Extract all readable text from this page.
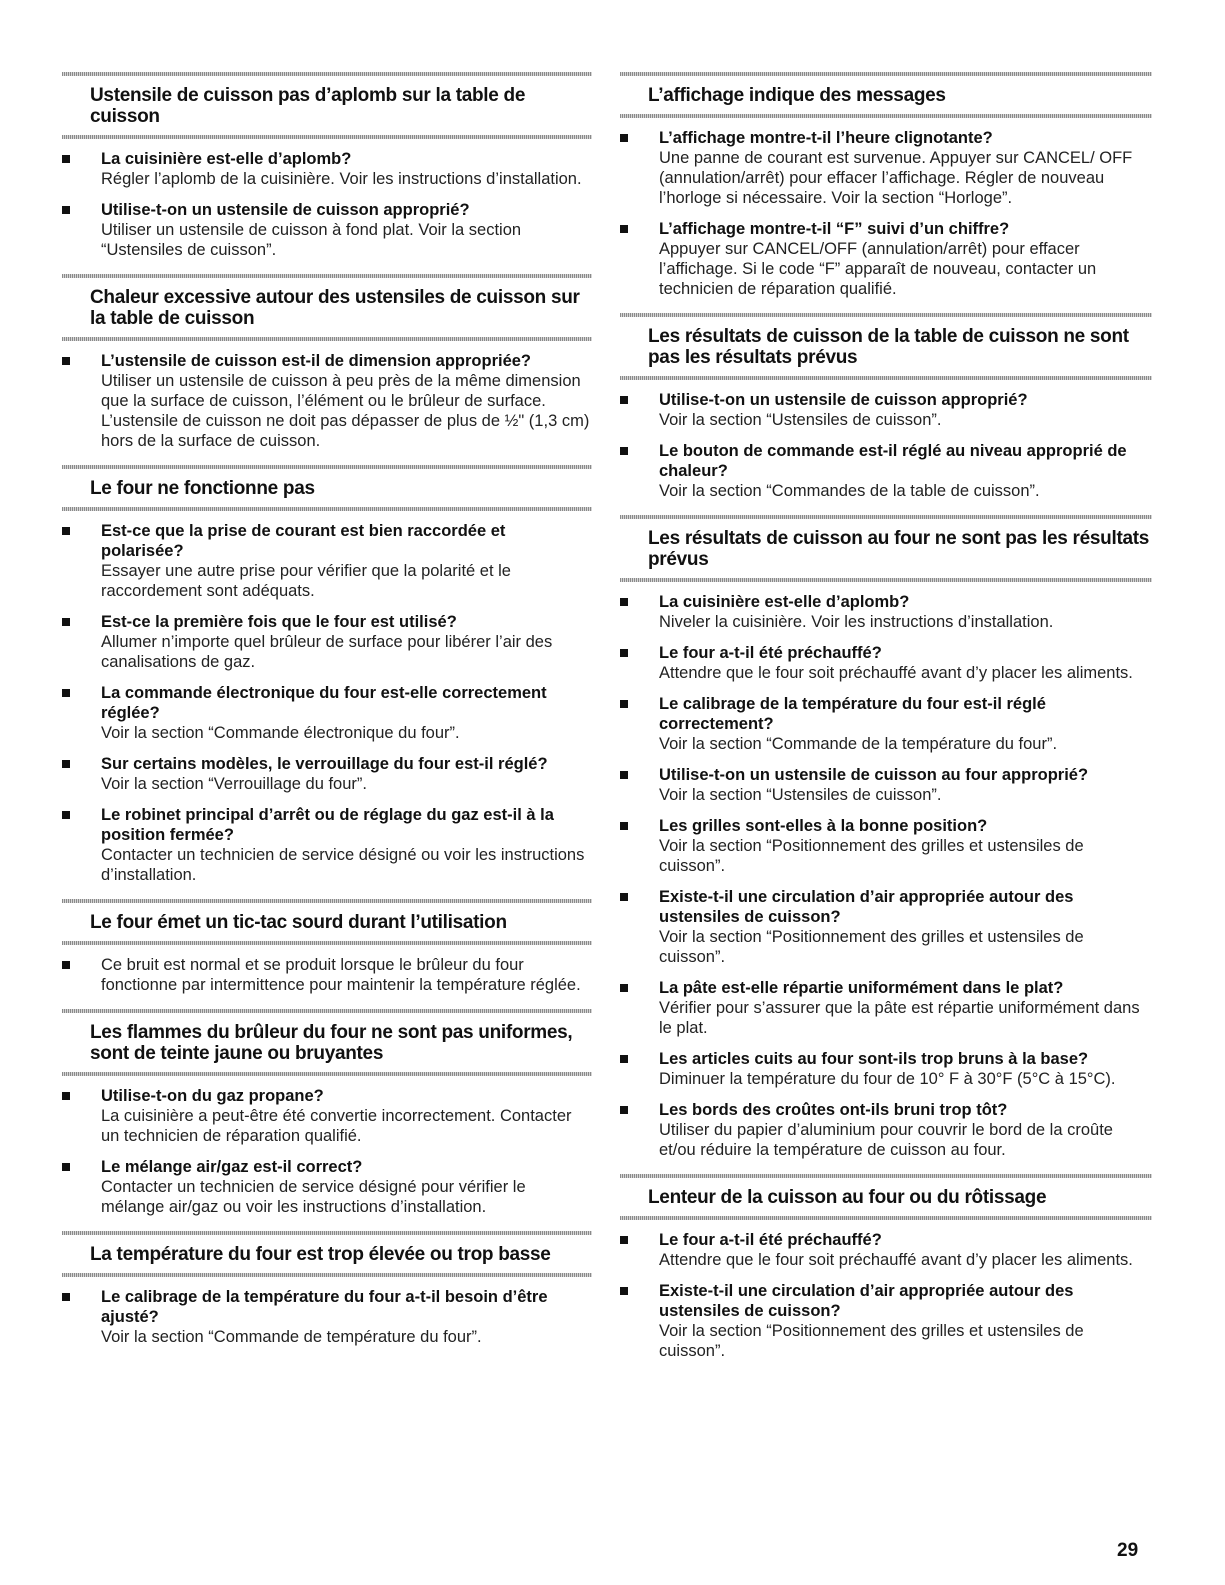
Ustensile de cuisson pas d’aplomb sur la table de cuisson
La cuisinière est-elle d’aplomb?
Régler l’aplomb de la cuisinière. Voir les instructions d’installation.
Utilise-t-on un ustensile de cuisson approprié?
Utiliser un ustensile de cuisson à fond plat. Voir la section “Ustensiles de cuisson”.
Chaleur excessive autour des ustensiles de cuisson sur la table de cuisson
L’ustensile de cuisson est-il de dimension appropriée?
Utiliser un ustensile de cuisson à peu près de la même dimension que la surface de cuisson, l’élément ou le brûleur de surface. L’ustensile de cuisson ne doit pas dépasser de plus de ½" (1,3 cm) hors de la surface de cuisson.
Le four ne fonctionne pas
Est-ce que la prise de courant est bien raccordée et polarisée?
Essayer une autre prise pour vérifier que la polarité et le raccordement sont adéquats.
Est-ce la première fois que le four est utilisé?
Allumer n’importe quel brûleur de surface pour libérer l’air des canalisations de gaz.
La commande électronique du four est-elle correctement réglée?
Voir la section “Commande électronique du four”.
Sur certains modèles, le verrouillage du four est-il réglé?
Voir la section “Verrouillage du four”.
Le robinet principal d’arrêt ou de réglage du gaz est-il à la position fermée?
Contacter un technicien de service désigné ou voir les instructions d’installation.
Le four émet un tic-tac sourd durant l’utilisation
Ce bruit est normal et se produit lorsque le brûleur du four fonctionne par intermittence pour maintenir la température réglée.
Les flammes du brûleur du four ne sont pas uniformes, sont de teinte jaune ou bruyantes
Utilise-t-on du gaz propane?
La cuisinière a peut-être été convertie incorrectement. Contacter un technicien de réparation qualifié.
Le mélange air/gaz est-il correct?
Contacter un technicien de service désigné pour vérifier le mélange air/gaz ou voir les instructions d’installation.
La température du four est trop élevée ou trop basse
Le calibrage de la température du four a-t-il besoin d’être ajusté?
Voir la section “Commande de température du four”.
L’affichage indique des messages
L’affichage montre-t-il l’heure clignotante?
Une panne de courant est survenue. Appuyer sur CANCEL/ OFF (annulation/arrêt) pour effacer l’affichage. Régler de nouveau l’horloge si nécessaire. Voir la section “Horloge”.
L’affichage montre-t-il “F” suivi d’un chiffre?
Appuyer sur CANCEL/OFF (annulation/arrêt) pour effacer l’affichage. Si le code “F” apparaît de nouveau, contacter un technicien de réparation qualifié.
Les résultats de cuisson de la table de cuisson ne sont pas les résultats prévus
Utilise-t-on un ustensile de cuisson approprié?
Voir la section “Ustensiles de cuisson”.
Le bouton de commande est-il réglé au niveau approprié de chaleur?
Voir la section “Commandes de la table de cuisson”.
Les résultats de cuisson au four ne sont pas les résultats prévus
La cuisinière est-elle d’aplomb?
Niveler la cuisinière. Voir les instructions d’installation.
Le four a-t-il été préchauffé?
Attendre que le four soit préchauffé avant d’y placer les aliments.
Le calibrage de la température du four est-il réglé correctement?
Voir la section “Commande de la température du four”.
Utilise-t-on un ustensile de cuisson au four approprié?
Voir la section “Ustensiles de cuisson”.
Les grilles sont-elles à la bonne position?
Voir la section “Positionnement des grilles et ustensiles de cuisson”.
Existe-t-il une circulation d’air appropriée autour des ustensiles de cuisson?
Voir la section “Positionnement des grilles et ustensiles de cuisson”.
La pâte est-elle répartie uniformément dans le plat?
Vérifier pour s’assurer que la pâte est répartie uniformément dans le plat.
Les articles cuits au four sont-ils trop bruns à la base?
Diminuer la température du four de 10° F à 30°F (5°C à 15°C).
Les bords des croûtes ont-ils bruni trop tôt?
Utiliser du papier d’aluminium pour couvrir le bord de la croûte et/ou réduire la température de cuisson au four.
Lenteur de la cuisson au four ou du rôtissage
Le four a-t-il été préchauffé?
Attendre que le four soit préchauffé avant d’y placer les aliments.
Existe-t-il une circulation d’air appropriée autour des ustensiles de cuisson?
Voir la section “Positionnement des grilles et ustensiles de cuisson”.
29
